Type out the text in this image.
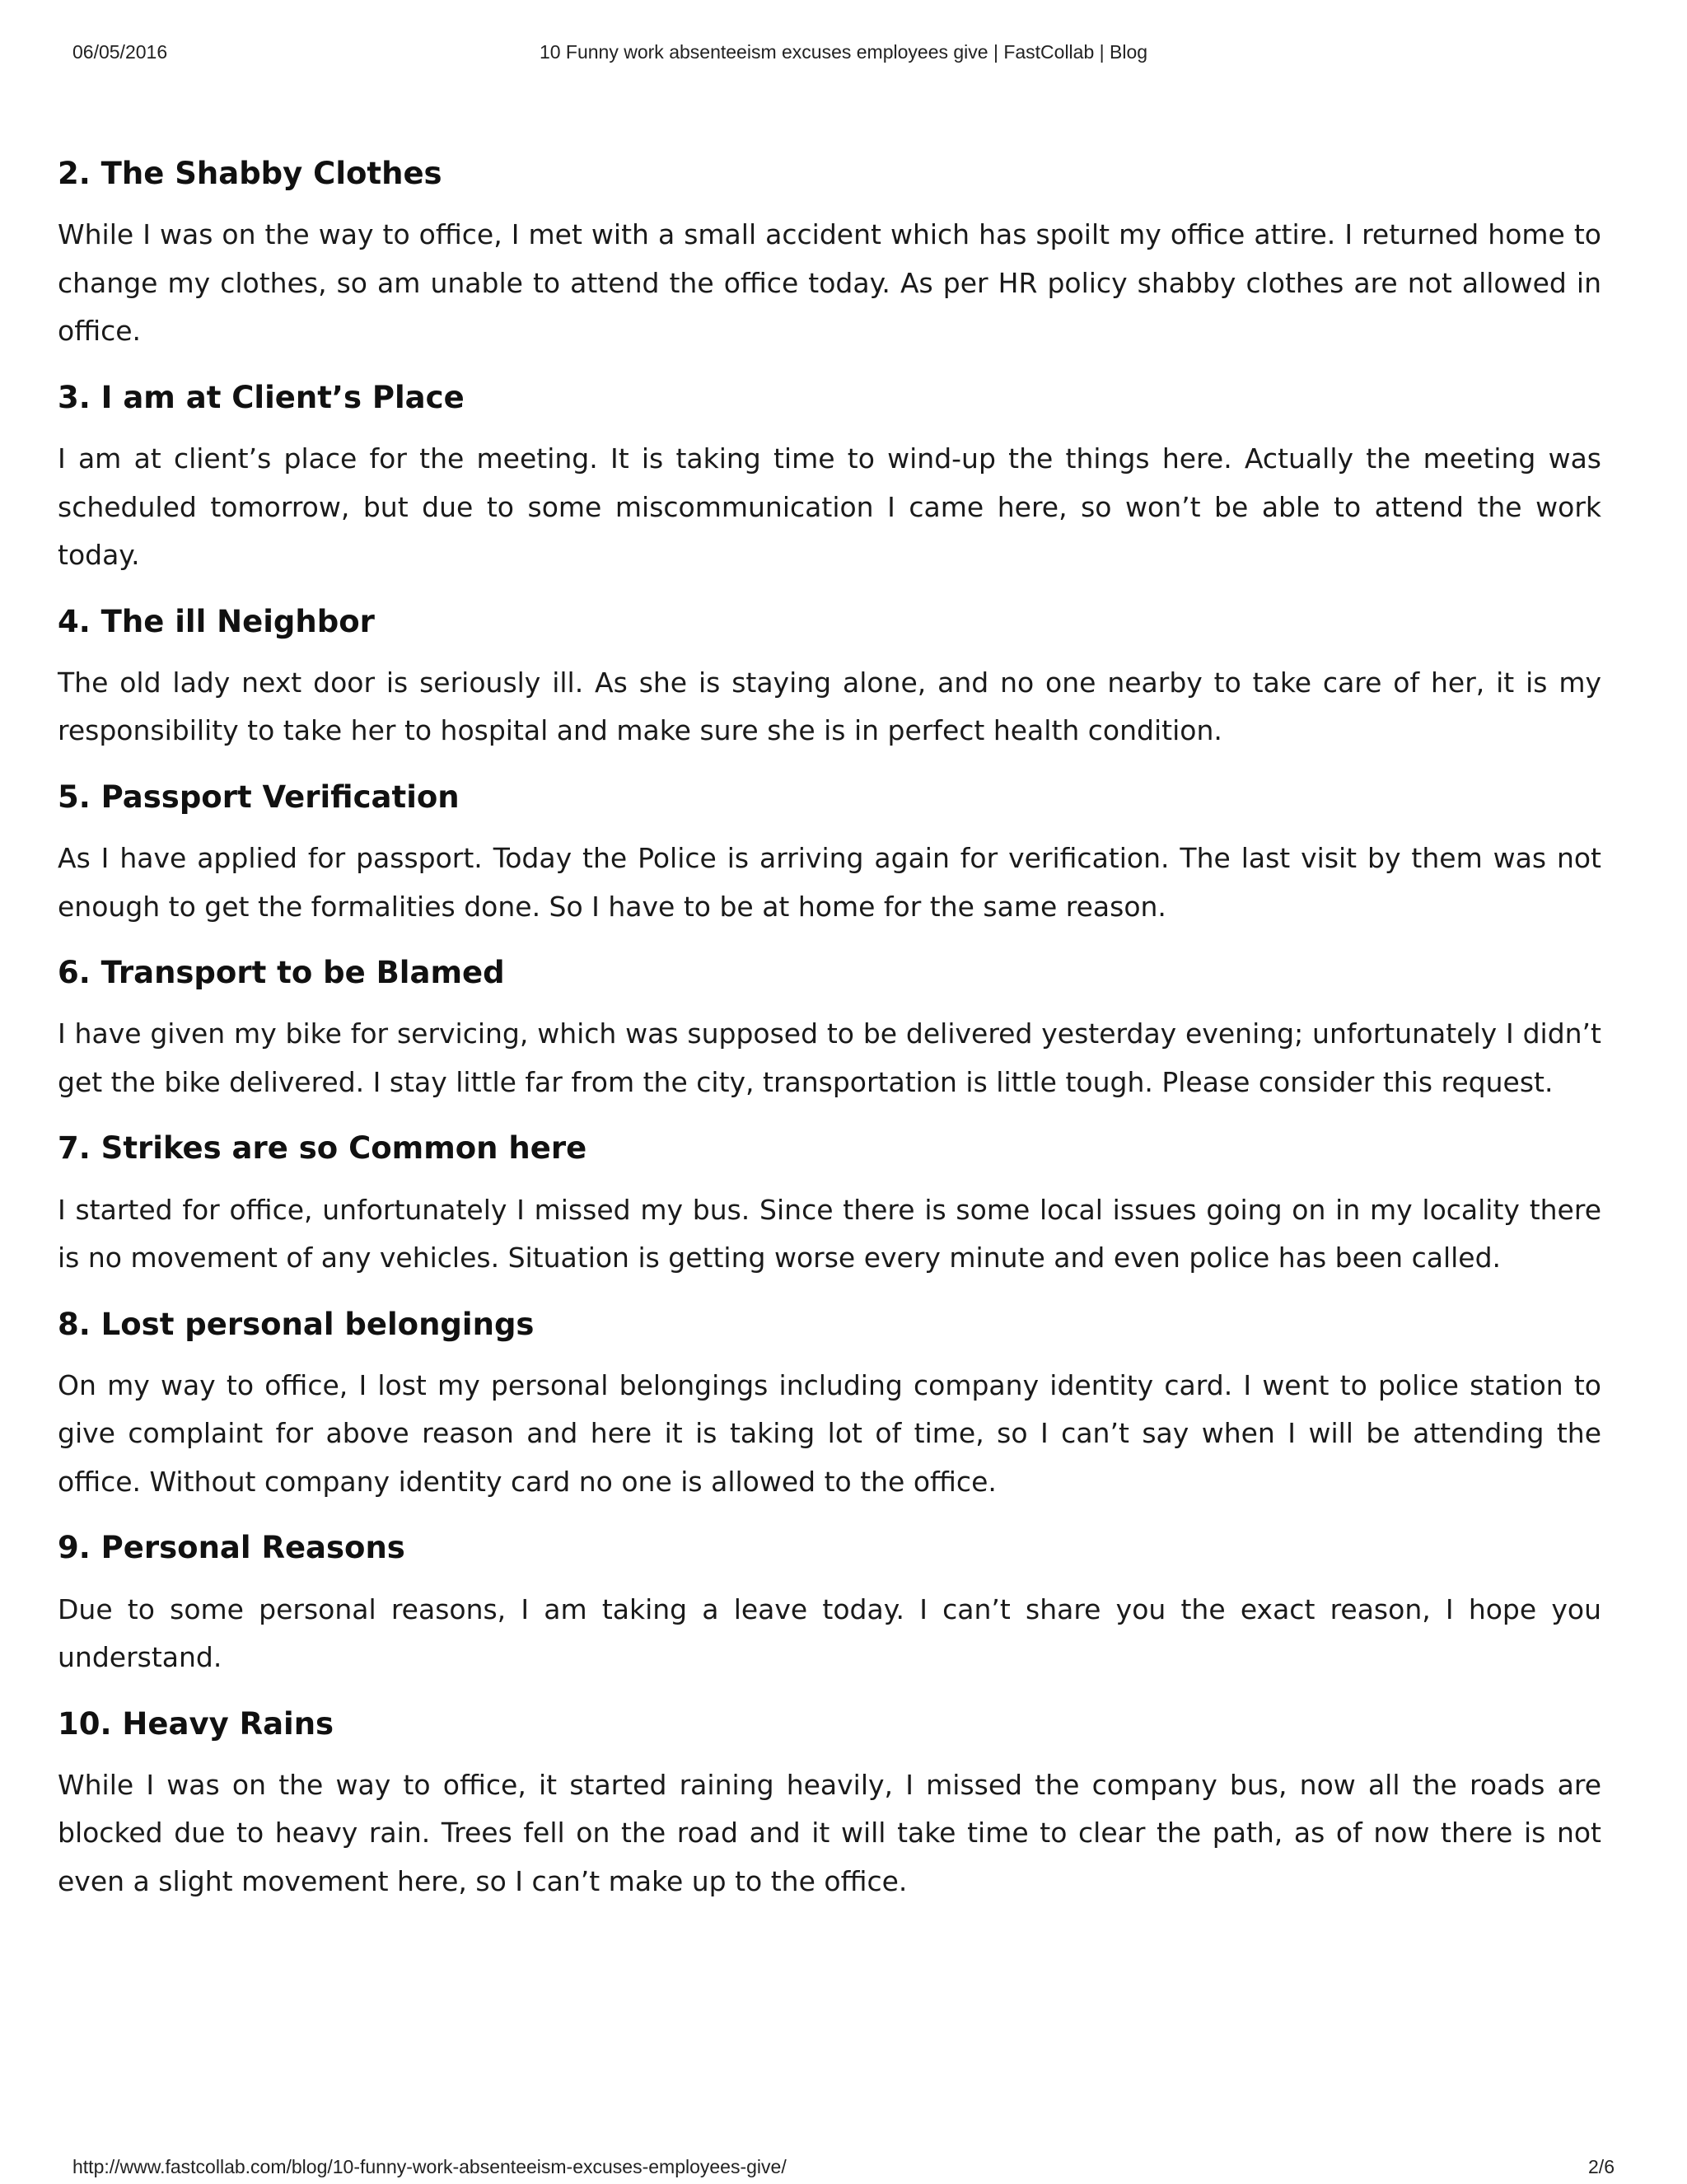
06/05/2016	10 Funny work absenteeism excuses employees give | FastCollab | Blog
2. The Shabby Clothes

While I was on the way to office, I met with a small accident which has spoilt my office attire. I returned home to change my clothes, so am unable to attend the office today. As per HR policy shabby clothes are not allowed in office.

3. I am at Client’s Place

I am at client’s place for the meeting. It is taking time to wind-up the things here. Actually the meeting was scheduled tomorrow, but due to some miscommunication I came here, so won’t be able to attend the work today.

4. The ill Neighbor

The old lady next door is seriously ill. As she is staying alone, and no one nearby to take care of her, it is my responsibility to take her to hospital and make sure she is in perfect health condition.

5. Passport Verification

As I have applied for passport. Today the Police is arriving again for verification. The last visit by them was not enough to get the formalities done. So I have to be at home for the same reason.

6. Transport to be Blamed

I have given my bike for servicing, which was supposed to be delivered yesterday evening; unfortunately I didn’t get the bike delivered. I stay little far from the city, transportation is little tough. Please consider this request.

7. Strikes are so Common here

I started for office, unfortunately I missed my bus. Since there is some local issues going on in my locality there is no movement of any vehicles. Situation is getting worse every minute and even police has been called.

8. Lost personal belongings

On my way to office, I lost my personal belongings including company identity card. I went to police station to give complaint for above reason and here it is taking lot of time, so I can’t say when I will be attending the office. Without company identity card no one is allowed to the office.

9. Personal Reasons

Due to some personal reasons, I am taking a leave today. I can’t share you the exact reason, I hope you understand.

10. Heavy Rains

While I was on the way to office, it started raining heavily, I missed the company bus, now all the roads are blocked due to heavy rain. Trees fell on the road and it will take time to clear the path, as of now there is not even a slight movement here, so I can’t make up to the office.

http://www.fastcollab.com/blog/10-funny-work-absenteeism-excuses-employees-give/	2/6
